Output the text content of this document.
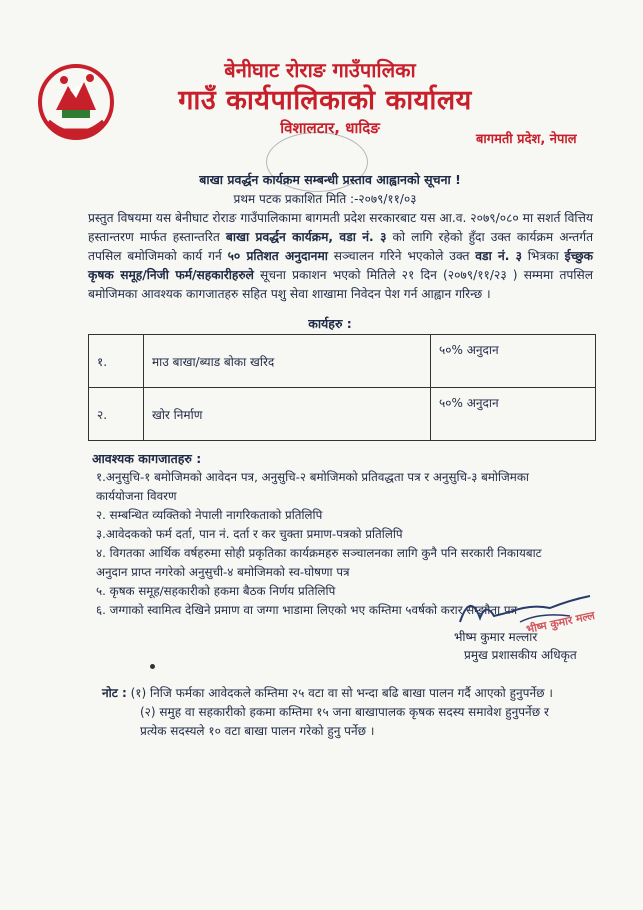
बेनीघाट रोराङ गाउँपालिका
गाउँ कार्यपालिकाको कार्यालय
विशालटार, धादिङ
बागमती प्रदेश, नेपाल
बाखा प्रवर्द्धन कार्यक्रम सम्बन्धी प्रस्ताव आह्वानको सूचना !
प्रथम पटक प्रकाशित मिति :-२०७९/११/०३
प्रस्तुत विषयमा यस बेनीघाट रोराङ गाउँपालिकामा बागमती प्रदेश सरकारबाट यस आ.व. २०७९/०८० मा सशर्त वित्तिय हस्तान्तरण मार्फत हस्तान्तरित बाखा प्रवर्द्धन कार्यक्रम, वडा नं. ३ को लागि रहेको हुँदा उक्त कार्यक्रम अन्तर्गत तपसिल बमोजिमको कार्य गर्न ५० प्रतिशत अनुदानमा सञ्चालन गरिने भएकोले उक्त वडा नं. ३ भित्रका ईच्छुक कृषक समूह/निजी फर्म/सहकारीहरुले सूचना प्रकाशन भएको मितिले २१ दिन (२०७९/११/२३ ) सम्ममा तपसिल बमोजिमका आवश्यक कागजातहरु सहित पशु सेवा शाखामा निवेदन पेश गर्न आह्वान गरिन्छ ।
कार्यहरु :
१.	माउ बाखा/ब्याड बोका खरिद	५०% अनुदान
२.	खोर निर्माण	५०% अनुदान
आवश्यक कागजातहरु :
१.अनुसुचि-१ बमोजिमको आवेदन पत्र, अनुसुचि-२ बमोजिमको प्रतिवद्धता पत्र र अनुसुचि-३ बमोजिमका
कार्ययोजना विवरण
२. सम्बन्धित व्यक्तिको नेपाली नागरिकताको प्रतिलिपि
३.आवेदकको फर्म दर्ता, पान नं. दर्ता र कर चुक्ता प्रमाण-पत्रको प्रतिलिपि
४. विगतका आर्थिक वर्षहरुमा सोही प्रकृतिका कार्यक्रमहरु सञ्चालनका लागि कुनै पनि सरकारी निकायबाट
अनुदान प्राप्त नगरेको अनुसुची-४ बमोजिमको स्व-घोषणा पत्र
५. कृषक समूह/सहकारीको हकमा बैठक निर्णय प्रतिलिपि
६. जग्गाको स्वामित्व देखिने प्रमाण वा जग्गा भाडामा लिएको भए कम्तिमा ५वर्षको करार सम्झौता पत्र भीष्म कुमार मल्ल
भीष्म कुमार मल्लार
प्रमुख प्रशासकीय अधिकृत
नोट : (१) निजि फर्मका आवेदकले कम्तिमा २५ वटा वा सो भन्दा बढि बाखा पालन गर्दै आएको हुनुपर्नेछ ।
(२) समुह वा सहकारीको हकमा कम्तिमा १५ जना बाखापालक कृषक सदस्य समावेश हुनुपर्नेछ र
प्रत्येक सदस्यले १० वटा बाखा पालन गरेको हुनु पर्नेछ ।
